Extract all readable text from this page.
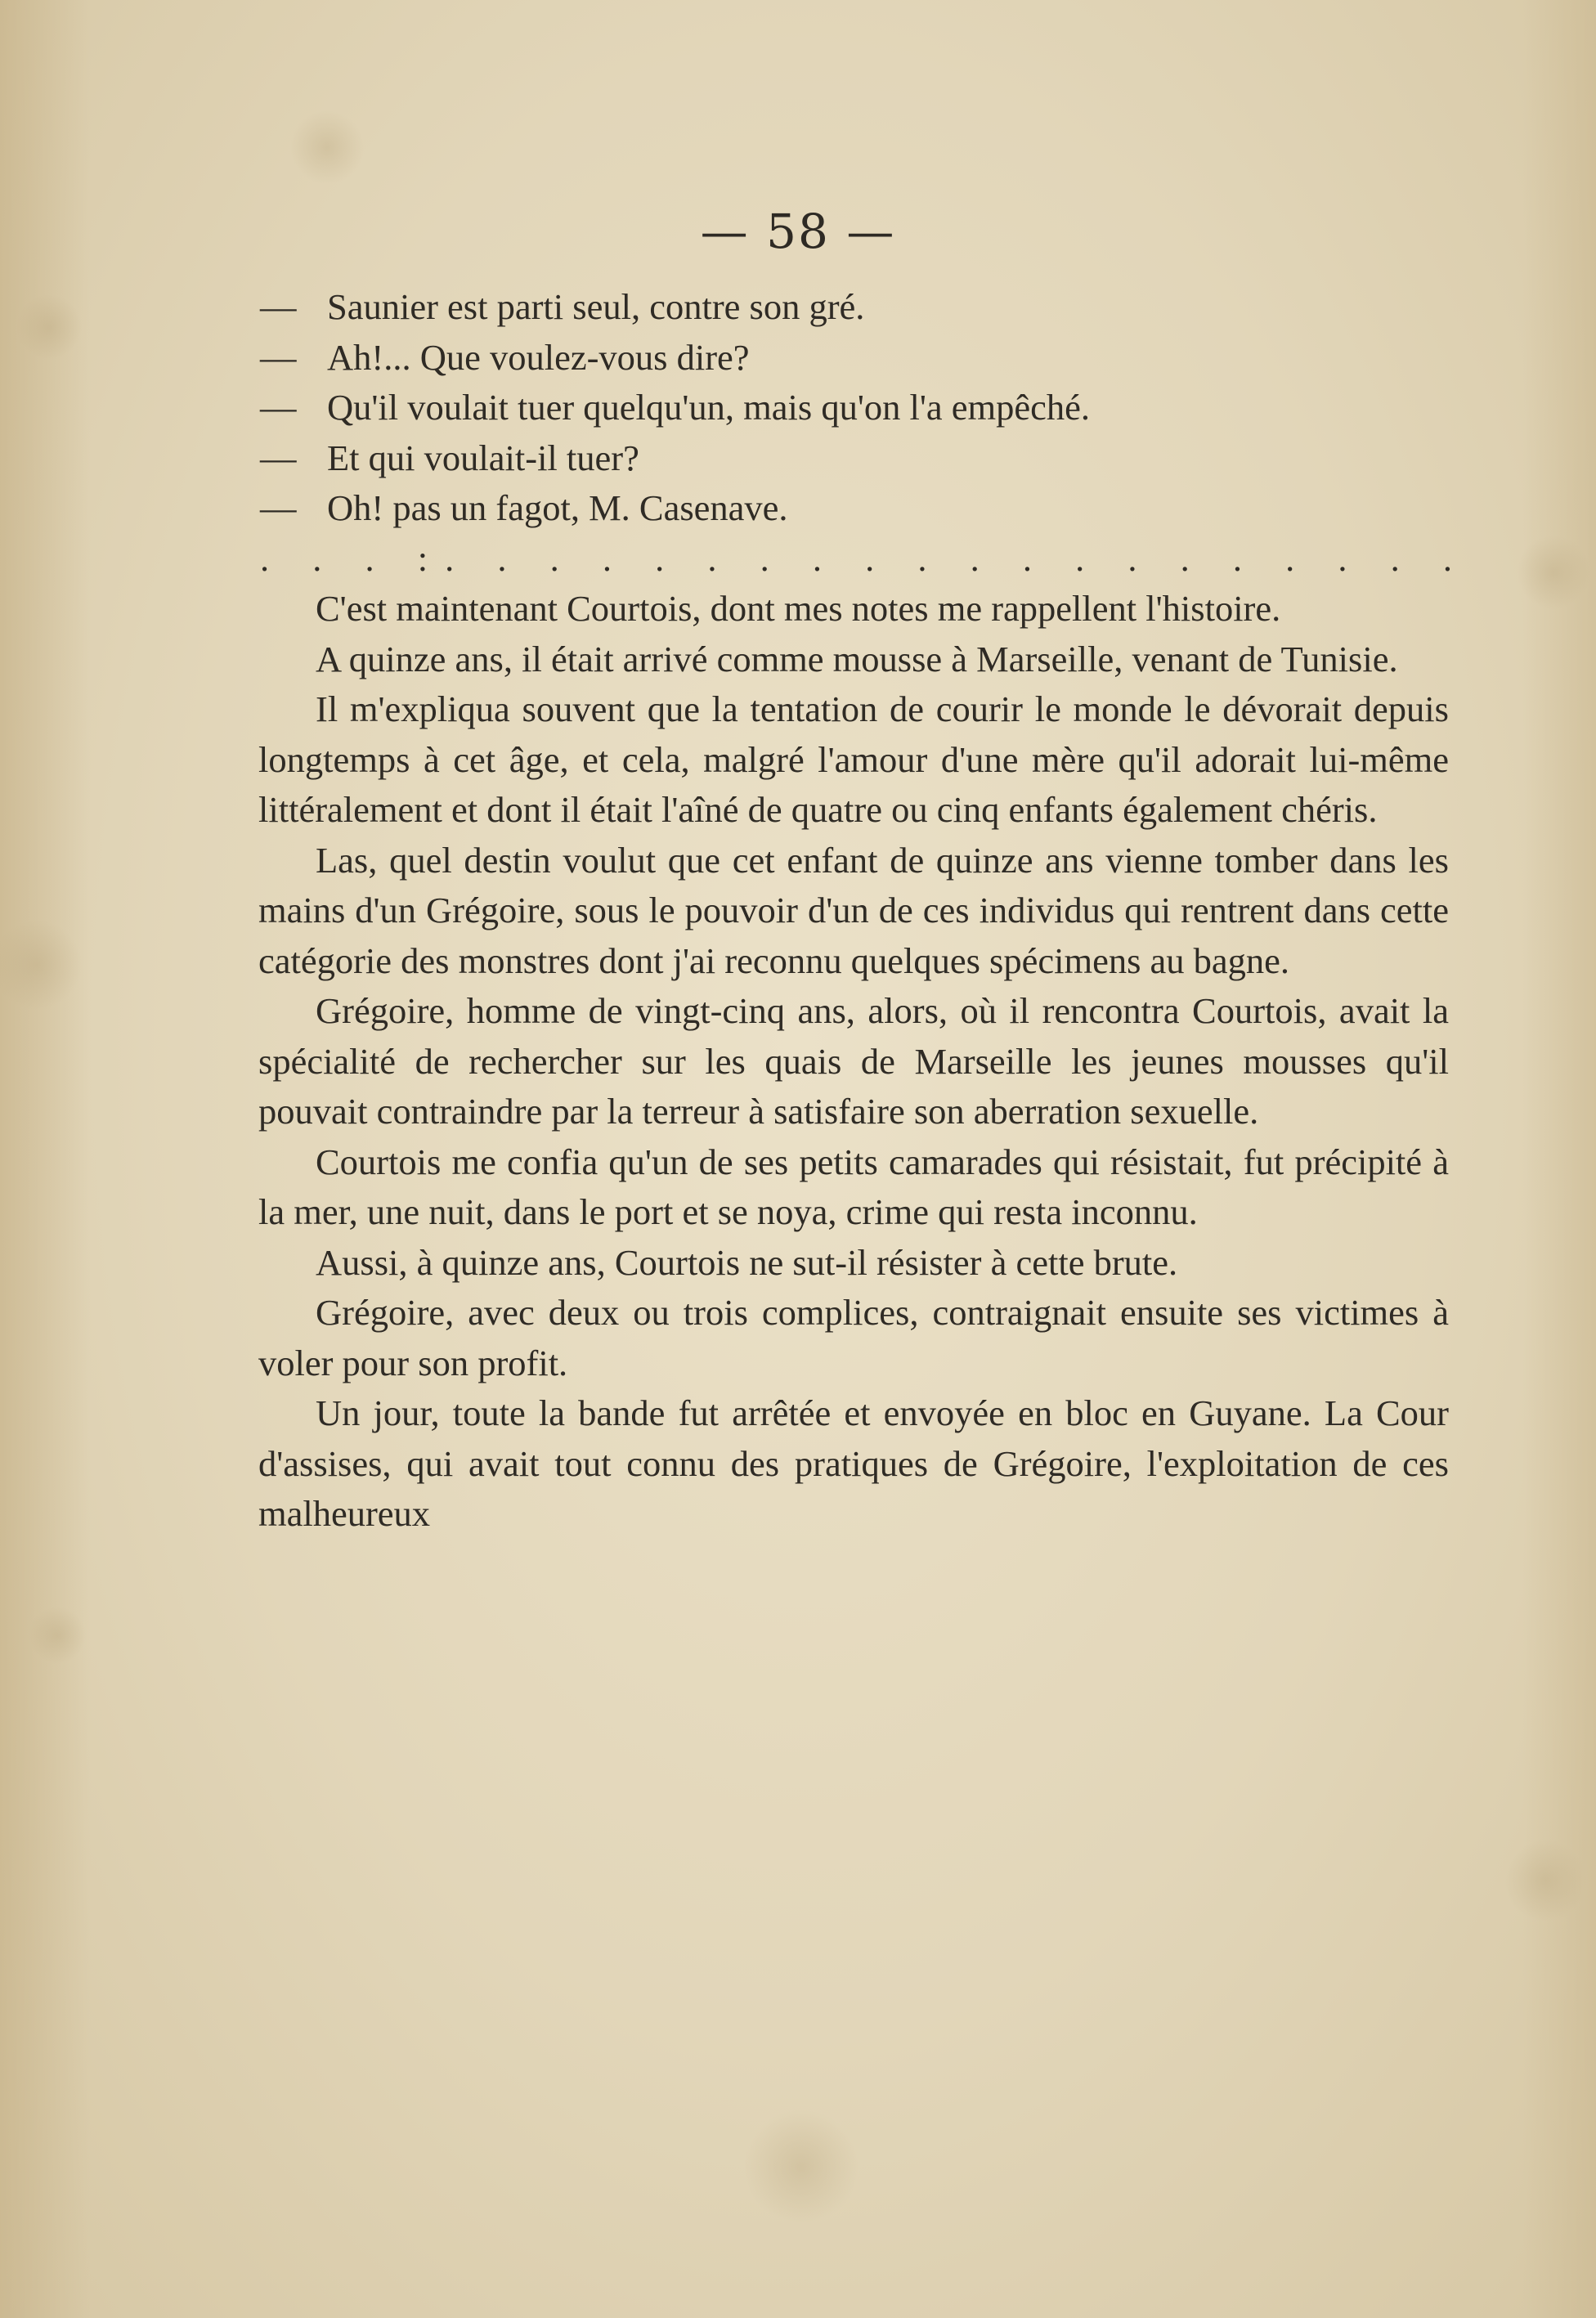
— 58 —
— Saunier est parti seul, contre son gré.
— Ah!... Que voulez-vous dire?
— Qu'il voulait tuer quelqu'un, mais qu'on l'a empêché.
— Et qui voulait-il tuer?
— Oh! pas un fagot, M. Casenave.
. . . :. . . . . . . . . . . . . . . . . . . .

C'est maintenant Courtois, dont mes notes me rappellent l'histoire.

A quinze ans, il était arrivé comme mousse à Marseille, venant de Tunisie.

Il m'expliqua souvent que la tentation de courir le monde le dévorait depuis longtemps à cet âge, et cela, malgré l'amour d'une mère qu'il adorait lui-même littéralement et dont il était l'aîné de quatre ou cinq enfants également chéris.

Las, quel destin voulut que cet enfant de quinze ans vienne tomber dans les mains d'un Grégoire, sous le pouvoir d'un de ces individus qui rentrent dans cette catégorie des monstres dont j'ai reconnu quelques spécimens au bagne.

Grégoire, homme de vingt-cinq ans, alors, où il rencontra Courtois, avait la spécialité de rechercher sur les quais de Marseille les jeunes mousses qu'il pouvait contraindre par la terreur à satisfaire son aberration sexuelle.

Courtois me confia qu'un de ses petits camarades qui résistait, fut précipité à la mer, une nuit, dans le port et se noya, crime qui resta inconnu.

Aussi, à quinze ans, Courtois ne sut-il résister à cette brute.

Grégoire, avec deux ou trois complices, contraignait ensuite ses victimes à voler pour son profit.

Un jour, toute la bande fut arrêtée et envoyée en bloc en Guyane. La Cour d'assises, qui avait tout connu des pratiques de Grégoire, l'exploitation de ces malheureux
